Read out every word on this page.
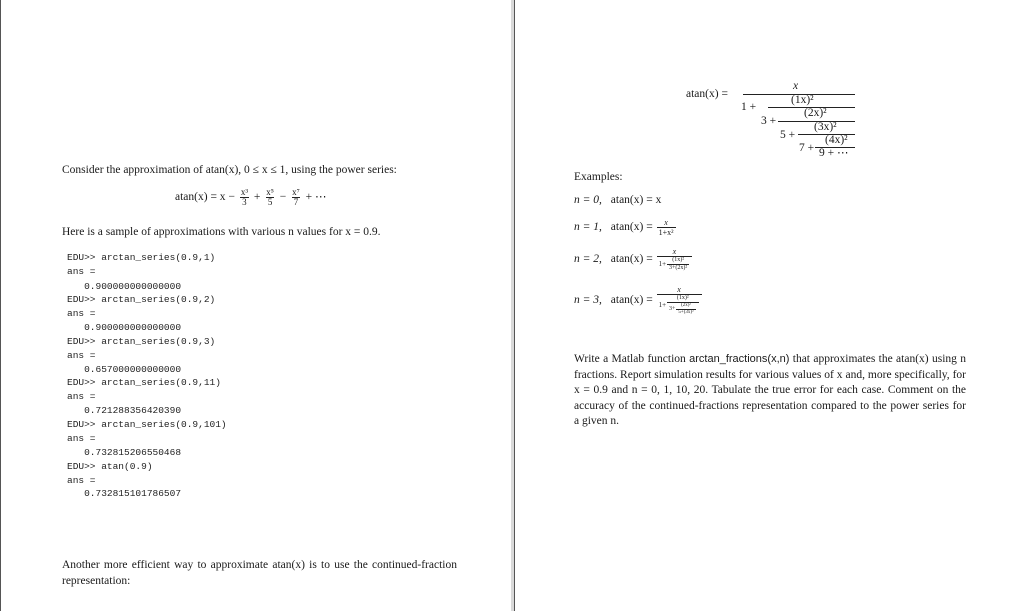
Consider the approximation of atan(x), 0 ≤ x ≤ 1, using the power series:
$atan(x) = x - \frac{\text{x³}}{3} + \frac{\text{x⁵}}{5} - \frac{\text{x⁷}}{7}$ + ⋯
Here is a sample of approximations with various n values for x = 0.9.
EDU>> arctan_series(0.9,1)
ans =
0.900000000000000
EDU>> arctan_series(0.9,2)
ans =
0.900000000000000
EDU>> arctan_series(0.9,3)
ans =
0.657000000000000
EDU>> arctan_series(0.9,11)
ans =
0.721288356420390
EDU>> arctan_series(0.9,101)
ans =
0.732815206550468
EDU>> atan(0.9)
ans =
0.732815101786507
Another more efficient way to approximate atan(x) is to use the continued-fraction representation:
atan(x) =
x
1 +
(1x)²
3 +
(2x)²
5 +
(3x)²
7 +
(4x)²
9 + ⋯
Examples:
n = 0, atan(x) = x
n = 1, $atan(x) = \frac{x}{\text{1+x²}}$
n = 2, $atan(x) = \frac{x}{1+ \frac{\text{(1x)²}}{\text{3+(2x)²}}}$
n = 3, atan(x) =
x
$1+ \frac{\text{(1x)²}}{3+ \frac{\text{(2x)²}}{\text{5+(3x)²}}}$
Write a Matlab function arctan_fractions(x,n) that approximates the atan(x) using n fractions. Report simulation results for various values of x and, more specifically, for x = 0.9 and n = 0, 1, 10, 20. Tabulate the true error for each case. Comment on the accuracy of the continued-fractions representation compared to the power series for a given n.
